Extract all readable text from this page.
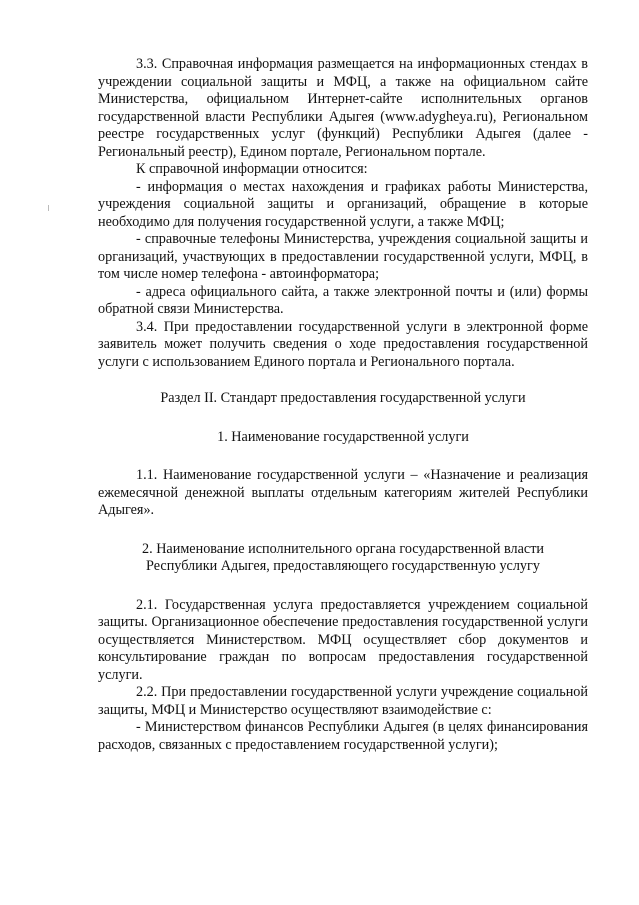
3.3. Справочная информация размещается на информационных стендах в учреждении социальной защиты и МФЦ, а также на официальном сайте Министерства, официальном Интернет-сайте исполнительных органов государственной власти Республики Адыгея (www.adygheya.ru), Региональном реестре государственных услуг (функций) Республики Адыгея (далее - Региональный реестр), Едином портале, Региональном портале.

К справочной информации относится:

- информация о местах нахождения и графиках работы Министерства, учреждения социальной защиты и организаций, обращение в которые необходимо для получения государственной услуги, а также МФЦ;

- справочные телефоны Министерства, учреждения социальной защиты и организаций, участвующих в предоставлении государственной услуги, МФЦ, в том числе номер телефона - автоинформатора;

- адреса официального сайта, а также электронной почты и (или) формы обратной связи Министерства.

3.4. При предоставлении государственной услуги в электронной форме заявитель может получить сведения о ходе предоставления государственной услуги с использованием Единого портала и Регионального портала.

Раздел II. Стандарт предоставления государственной услуги

1. Наименование государственной услуги

1.1. Наименование государственной услуги – «Назначение и реализация ежемесячной денежной выплаты отдельным категориям жителей Республики Адыгея».

2. Наименование исполнительного органа государственной власти

Республики Адыгея, предоставляющего государственную услугу

2.1. Государственная услуга предоставляется учреждением социальной защиты. Организационное обеспечение предоставления государственной услуги осуществляется Министерством. МФЦ осуществляет сбор документов и консультирование граждан по вопросам предоставления государственной услуги.

2.2. При предоставлении государственной услуги учреждение социальной защиты, МФЦ и Министерство осуществляют взаимодействие с:

- Министерством финансов Республики Адыгея (в целях финансирования расходов, связанных с предоставлением государственной услуги);
